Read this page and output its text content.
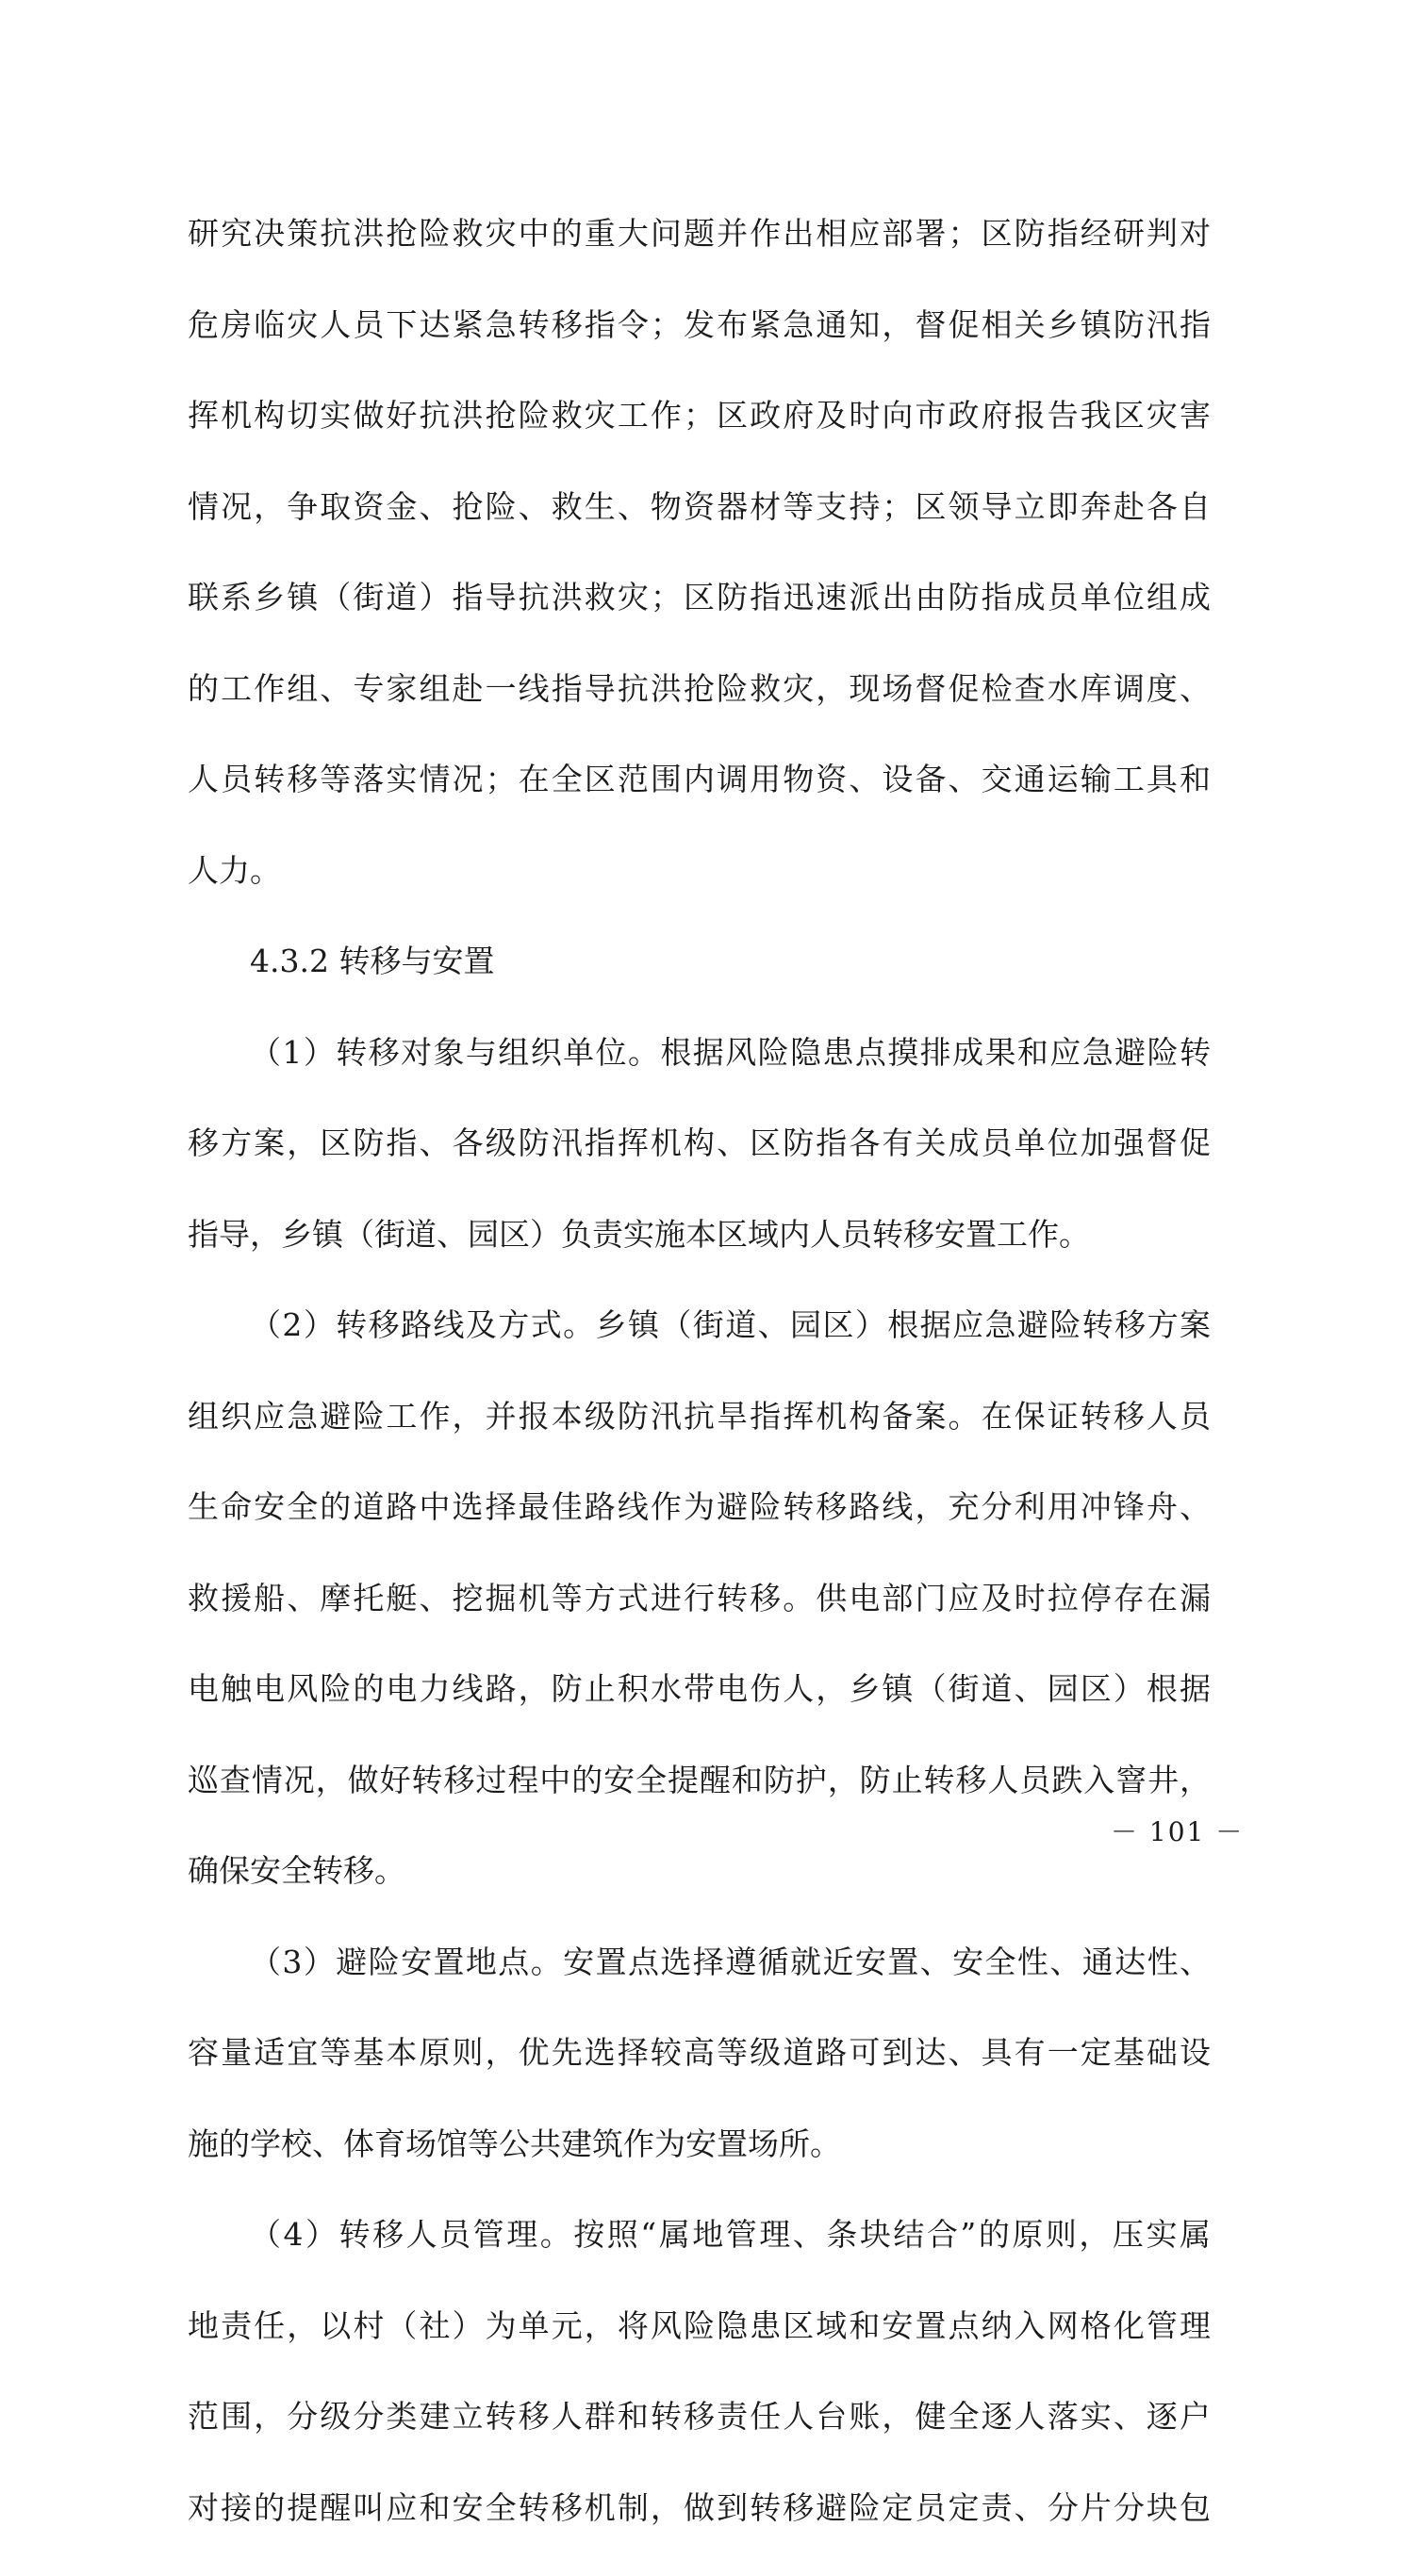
研究决策抗洪抢险救灾中的重大问题并作出相应部署；区防指经研判对
危房临灾人员下达紧急转移指令；发布紧急通知，督促相关乡镇防汛指
挥机构切实做好抗洪抢险救灾工作；区政府及时向市政府报告我区灾害
情况，争取资金、抢险、救生、物资器材等支持；区领导立即奔赴各自
联系乡镇（街道）指导抗洪救灾；区防指迅速派出由防指成员单位组成
的工作组、专家组赴一线指导抗洪抢险救灾，现场督促检查水库调度、
人员转移等落实情况；在全区范围内调用物资、设备、交通运输工具和
人力。
4.3.2 转移与安置
（1）转移对象与组织单位。根据风险隐患点摸排成果和应急避险转
移方案，区防指、各级防汛指挥机构、区防指各有关成员单位加强督促
指导，乡镇（街道、园区）负责实施本区域内人员转移安置工作。
（2）转移路线及方式。乡镇（街道、园区）根据应急避险转移方案
组织应急避险工作，并报本级防汛抗旱指挥机构备案。在保证转移人员
生命安全的道路中选择最佳路线作为避险转移路线，充分利用冲锋舟、
救援船、摩托艇、挖掘机等方式进行转移。供电部门应及时拉停存在漏
电触电风险的电力线路，防止积水带电伤人，乡镇（街道、园区）根据
巡查情况，做好转移过程中的安全提醒和防护，防止转移人员跌入窨井，
确保安全转移。
（3）避险安置地点。安置点选择遵循就近安置、安全性、通达性、
容量适宜等基本原则，优先选择较高等级道路可到达、具有一定基础设
施的学校、体育场馆等公共建筑作为安置场所。
（4）转移人员管理。按照“属地管理、条块结合”的原则，压实属
地责任，以村（社）为单元，将风险隐患区域和安置点纳入网格化管理
范围，分级分类建立转移人群和转移责任人台账，健全逐人落实、逐户
对接的提醒叫应和安全转移机制，做到转移避险定员定责、分片分块包
－ 101 －
